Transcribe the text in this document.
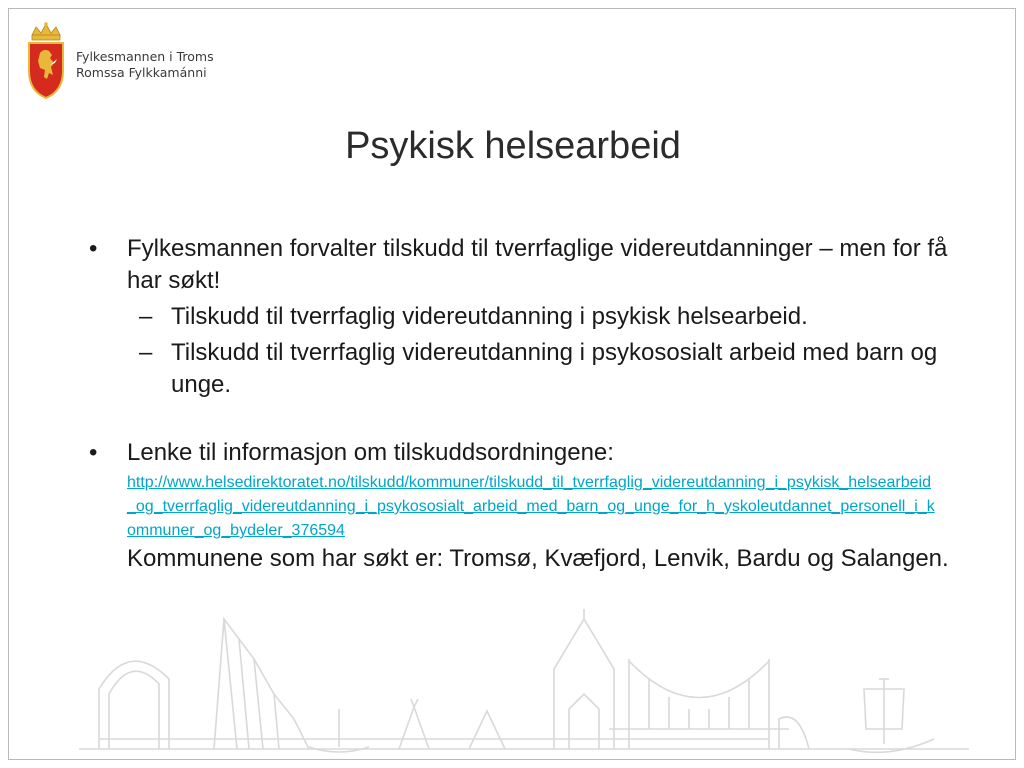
Fylkesmannen i Troms
Romssa Fylkkamánni
Psykisk helsearbeid
• Fylkesmannen forvalter tilskudd til tverrfaglige videreutdanninger – men for få har søkt!
– Tilskudd til tverrfaglig videreutdanning i psykisk helsearbeid.
– Tilskudd til tverrfaglig videreutdanning i psykososialt arbeid med barn og unge.
• Lenke til informasjon om tilskuddsordningene:
http://www.helsedirektoratet.no/tilskudd/kommuner/tilskudd_til_tverrfaglig_videreutdanning_i_psykisk_helsearbeid_og_tverrfaglig_videreutdanning_i_psykososialt_arbeid_med_barn_og_unge_for_h_yskoleutdannet_personell_i_kommuner_og_bydeler_376594
Kommunene som har søkt er: Tromsø, Kvæfjord, Lenvik, Bardu og Salangen.
